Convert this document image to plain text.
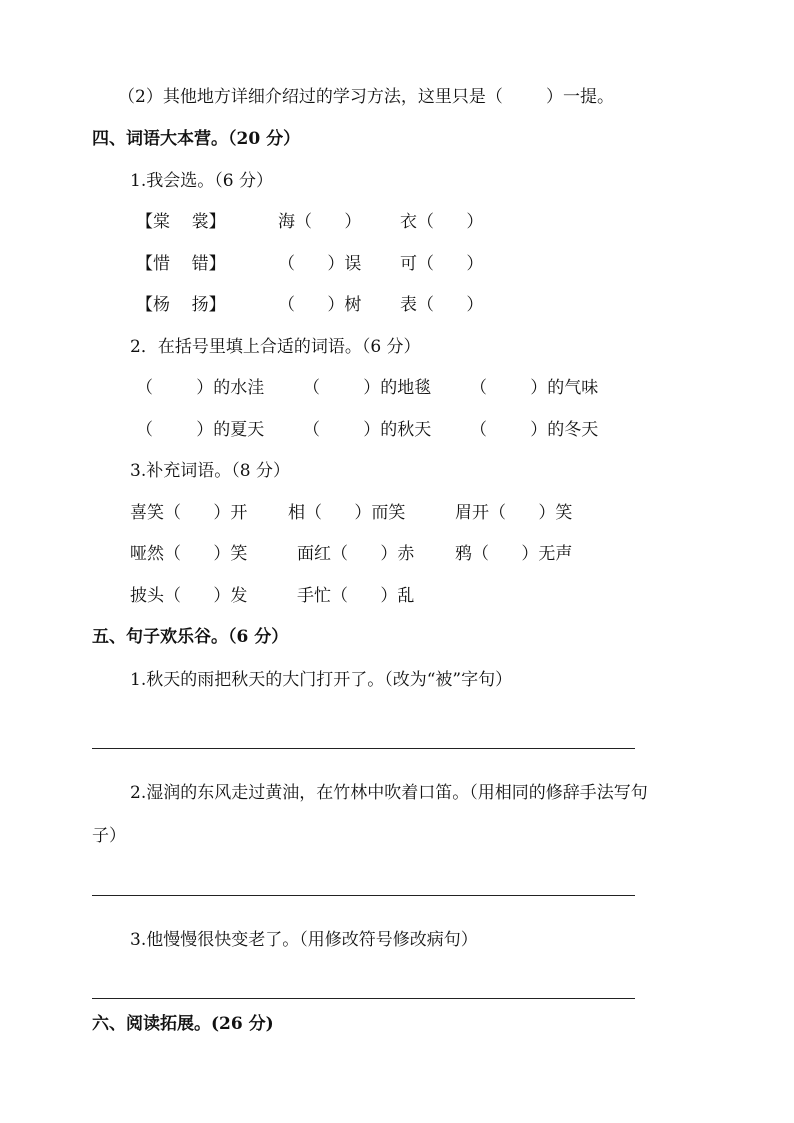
（2）其他地方详细介绍过的学习方法，这里只是（        ）一提。
四、词语大本营。（20 分）
1.我会选。（6 分）
【棠    裳】	海（      ） 衣（      ）
【惜    错】	（      ）误 可（      ）
【杨    扬】	（      ）树 表（      ）
2．在括号里填上合适的词语。（6 分）
（        ）的水洼 （        ）的地毯 （        ）的气味
（        ）的夏天 （        ）的秋天 （        ）的冬天
3.补充词语。（8 分）
喜笑（      ）开 相（      ）而笑	眉开（      ）笑
哑然（      ）笑	面红（      ）赤 鸦（      ）无声
披头（      ）发	手忙（      ）乱
五、句子欢乐谷。（6 分）
1.秋天的雨把秋天的大门打开了。（改为“被”字句）
2.湿润的东风走过黄油，在竹林中吹着口笛。（用相同的修辞手法写句
子）
3.他慢慢很快变老了。（用修改符号修改病句）
六、阅读拓展。(26 分)
